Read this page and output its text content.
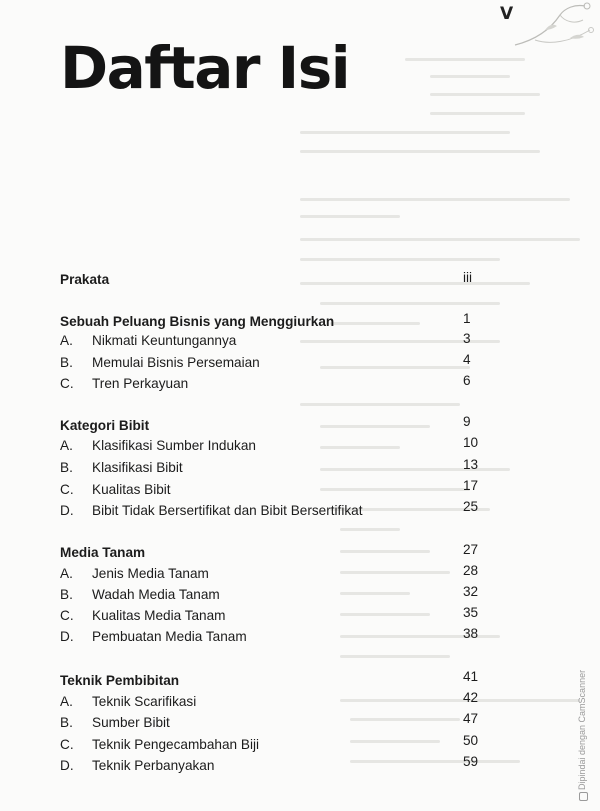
V
Daftar Isi
Prakata	iii
Sebuah Peluang Bisnis yang Menggiurkan	1
A. Nikmati Keuntungannya	3
B. Memulai Bisnis Persemaian	4
C. Tren Perkayuan	6
Kategori Bibit	9
A. Klasifikasi Sumber Indukan	10
B. Klasifikasi Bibit	13
C. Kualitas Bibit	17
D. Bibit Tidak Bersertifikat dan Bibit Bersertifikat	25
Media Tanam	27
A. Jenis Media Tanam	28
B. Wadah Media Tanam	32
C. Kualitas Media Tanam	35
D. Pembuatan Media Tanam	38
Teknik Pembibitan	41
A. Teknik Scarifikasi	42
B. Sumber Bibit	47
C. Teknik Pengecambahan Biji	50
D. Teknik Perbanyakan	59	Dipindai dengan CamScanner
